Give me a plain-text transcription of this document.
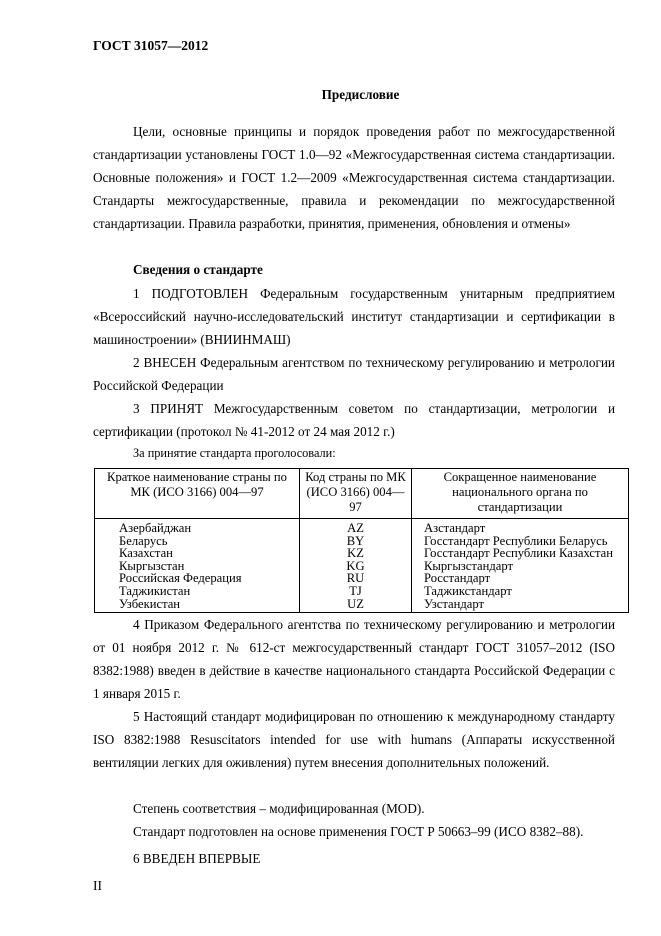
ГОСТ 31057—2012
Предисловие
Цели, основные принципы и порядок проведения работ по межгосударственной стандартизации установлены ГОСТ 1.0—92 «Межгосударственная система стандартизации. Основные положения» и ГОСТ 1.2—2009 «Межгосударственная система стандартизации. Стандарты межгосударственные, правила и рекомендации по межгосударственной стандартизации. Правила разработки, принятия, применения, обновления и отмены»
Сведения о стандарте
1 ПОДГОТОВЛЕН Федеральным государственным унитарным предприятием «Всероссийский научно-исследовательский институт стандартизации и сертификации в машиностроении» (ВНИИНМАШ)
2 ВНЕСЕН Федеральным агентством по техническому регулированию и метрологии Российской Федерации
3 ПРИНЯТ Межгосударственным советом по стандартизации, метрологии и сертификации (протокол № 41-2012 от 24 мая 2012 г.)
За принятие стандарта проголосовали:
Краткое наименование страны по МК (ИСО 3166) 004—97	Код страны по МК (ИСО 3166) 004—97	Сокращенное наименование национального органа по стандартизации
Азербайджан	AZ	Азстандарт
Беларусь	BY	Госстандарт Республики Беларусь
Казахстан	KZ	Госстандарт Республики Казахстан
Кыргызстан	KG	Кыргызстандарт
Российская Федерация	RU	Росстандарт
Таджикистан	TJ	Таджикстандарт
Узбекистан	UZ	Узстандарт
4 Приказом Федерального агентства по техническому регулированию и метрологии от 01 ноября 2012 г. № 612-ст межгосударственный стандарт ГОСТ 31057–2012 (ISO 8382:1988) введен в действие в качестве национального стандарта Российской Федерации с 1 января 2015 г.
5 Настоящий стандарт модифицирован по отношению к международному стандарту ISO 8382:1988 Resuscitators intended for use with humans (Аппараты искусственной вентиляции легких для оживления) путем внесения дополнительных положений.
Степень соответствия – модифицированная (MOD).
Стандарт подготовлен на основе применения ГОСТ Р 50663–99 (ИСО 8382–88).
6 ВВЕДЕН ВПЕРВЫЕ
II
